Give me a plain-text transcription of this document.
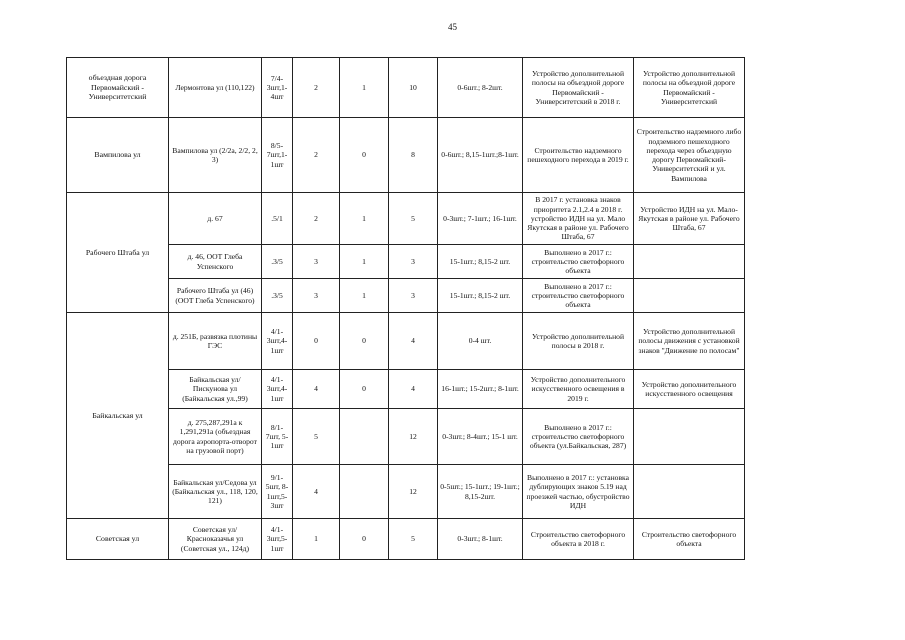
45
объездная дорога Первомайский - Университетский	Лермонтова ул (110,122)	7/4-3шт,1-4шт	2	1	10	0-6шт.; 8-2шт.	Устройство дополнительной полосы на объездной дороге Первомайский - Университетский в 2018 г.	Устройство дополнительной полосы на объездной дороге Первомайский - Университетский
Вампилова ул	Вампилова ул (2/2а, 2/2, 2, 3)	8/5-7шт,1-1шт	2	0	8	0-6шт.; 8,15-1шт.;8-1шт.	Строительство надземного пешеходного перехода в 2019 г.	Строительство надземного либо подземного пешеходного перехода через объездную дорогу Первомайский-Университетский и ул. Вампилова
Рабочего Штаба ул	д. 67	.5/1	2	1	5	0-3шт.; 7-1шт.; 16-1шт.	В 2017 г. установка знаков приоритета 2.1,2.4 в 2018 г. устройство ИДН на ул. Мало Якутская в районе ул. Рабочего Штаба, 67	Устройство ИДН на ул. Мало-Якутская в районе ул. Рабочего Штаба, 67
	д. 46, ООТ Глеба Успенского	.3/5	3	1	3	15-1шт.; 8,15-2 шт.	Выполнено в 2017 г.: строительство светофорного объекта	
	Рабочего Штаба ул (46) (ООТ Глеба Успенского)	.3/5	3	1	3	15-1шт.; 8,15-2 шт.	Выполнено в 2017 г.: строительство светофорного объекта	
Байкальская ул	д. 251Б, развязка плотины ГЭС	4/1-3шт,4-1шт	0	0	4	0-4 шт.	Устройство дополнительной полосы в 2018 г.	Устройство дополнительной полосы движения с установкой знаков "Движение по полосам"
	Байкальская ул/ Пискунова ул (Байкальская ул.,99)	4/1-3шт,4-1шт	4	0	4	16-1шт.; 15-2шт.; 8-1шт.	Устройство дополнительного искусственного освещения в 2019 г.	Устройство дополнительного искусственного освещения
	д. 275,287,291а к 1,291,291а (объездная дорога аэропорта-отворот на грузовой порт)	8/1-7шт, 5-1шт	5		12	0-3шт.; 8-4шт.; 15-1 шт.	Выполнено в 2017 г.: строительство светофорного объекта (ул.Байкальская, 287)	
	Байкальская ул/Седова ул (Байкальская ул., 118, 120, 121)	9/1-5шт, 8-1шт,5-3шт	4		12	0-5шт.; 15-1шт.; 19-1шт.; 8,15-2шт.	Выполнено в 2017 г.: установка дублирующих знаков 5.19 над проезжей частью, обустройство ИДН	
Советская ул	Советская ул/Красноказачья ул (Советская ул., 124д)	4/1-3шт,5-1шт	1	0	5	0-3шт.; 8-1шт.	Строительство светофорного объекта в 2018 г.	Строительство светофорного объекта
